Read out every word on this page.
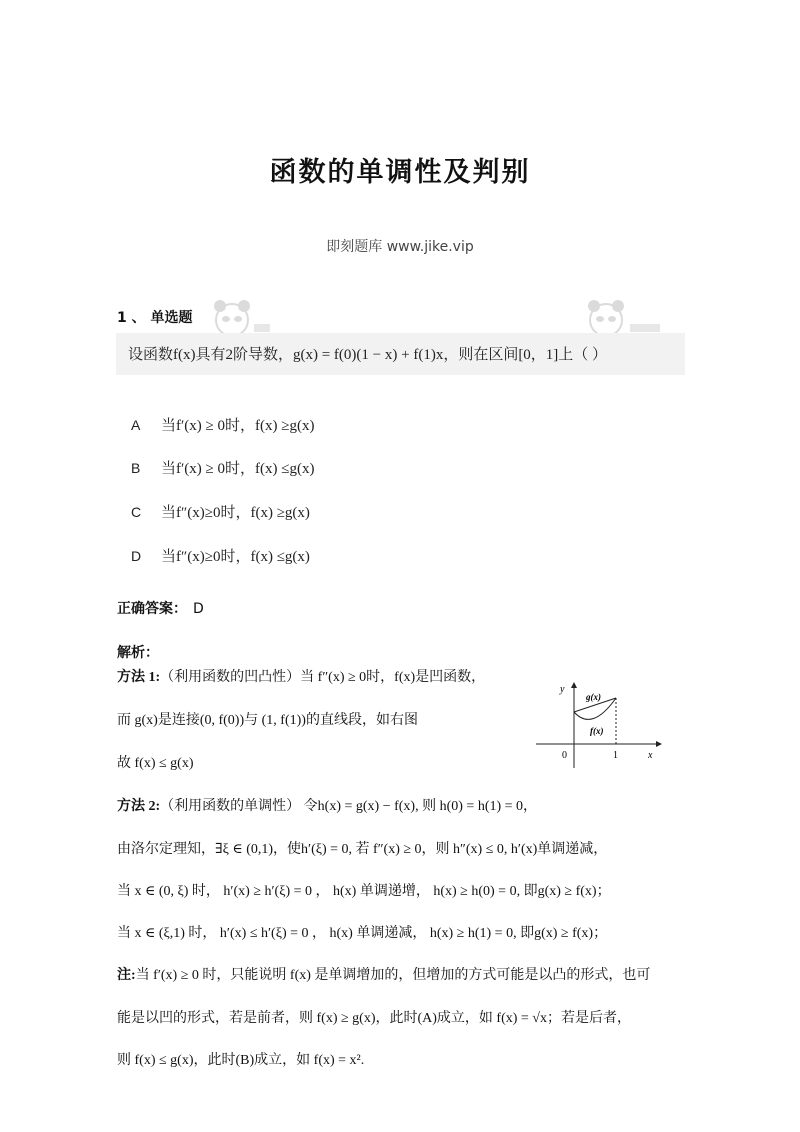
函数的单调性及判别
即刻题库 www.jike.vip
1 、 单选题
设函数f(x)具有2阶导数，g(x) = f(0)(1 − x) + f(1)x，则在区间[0，1]上（ ）
A 当f′(x) ≥ 0时，f(x) ≥g(x)
B 当f′(x) ≥ 0时，f(x) ≤g(x)
C 当f″(x)≥0时，f(x) ≥g(x)
D 当f″(x)≥0时，f(x) ≤g(x)
正确答案： D
解析：
方法 1:（利用函数的凹凸性）当 f″(x) ≥ 0时，f(x)是凹函数，
而 g(x)是连接(0, f(0))与 (1, f(1))的直线段，如右图
故 f(x) ≤ g(x)
y
x
0	1
g(x)
f(x)
方法 2:（利用函数的单调性） 令h(x) = g(x) − f(x), 则 h(0) = h(1) = 0，
由洛尔定理知，∃ξ ∈ (0,1)，使h′(ξ) = 0, 若 f″(x) ≥ 0，则 h″(x) ≤ 0, h′(x)单调递减，
当 x ∈ (0, ξ) 时， h′(x) ≥ h′(ξ) = 0 ， h(x) 单调递增， h(x) ≥ h(0) = 0, 即g(x) ≥ f(x)；
当 x ∈ (ξ,1) 时， h′(x) ≤ h′(ξ) = 0 ， h(x) 单调递减， h(x) ≥ h(1) = 0, 即g(x) ≥ f(x)；
注:当 f′(x) ≥ 0 时，只能说明 f(x) 是单调增加的，但增加的方式可能是以凸的形式，也可
能是以凹的形式，若是前者，则 f(x) ≥ g(x)，此时(A)成立，如 f(x) = √x；若是后者，
则 f(x) ≤ g(x)，此时(B)成立，如 f(x) = x².
